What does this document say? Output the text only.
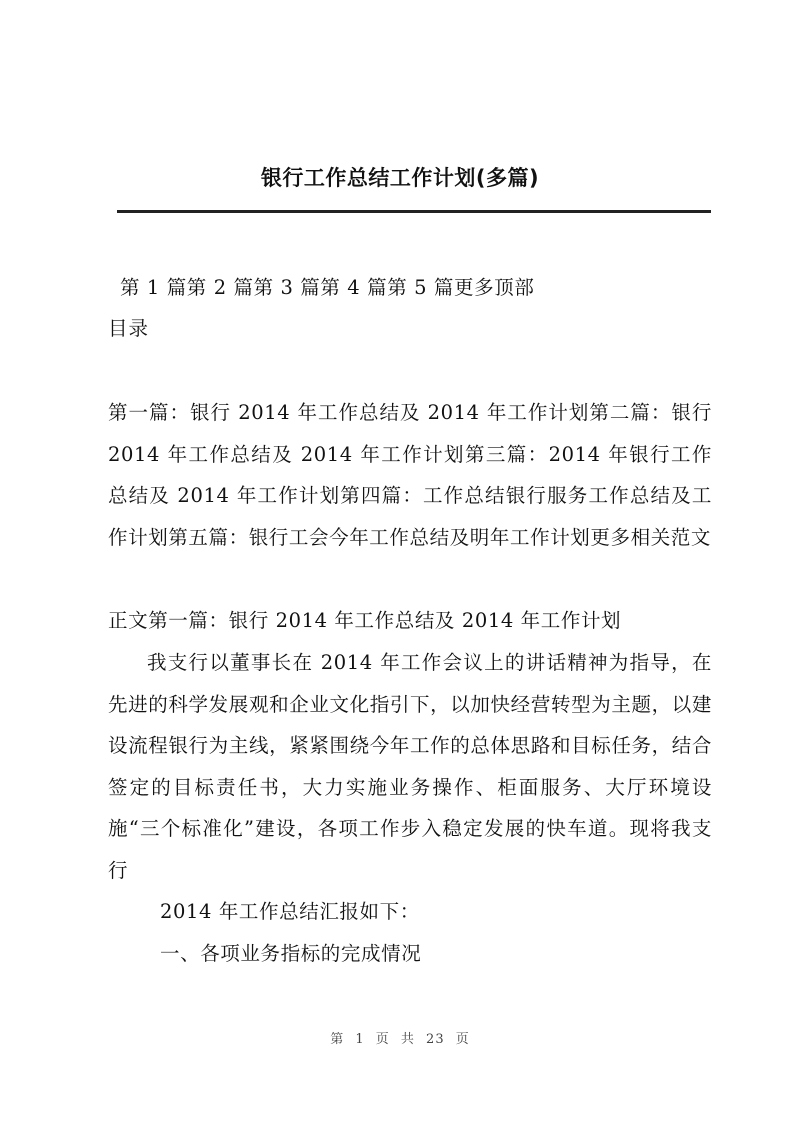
银行工作总结工作计划(多篇)
第 1 篇第 2 篇第 3 篇第 4 篇第 5 篇更多顶部
目录
第一篇：银行 2014 年工作总结及 2014 年工作计划第二篇：银行 2014 年工作总结及 2014 年工作计划第三篇：2014 年银行工作总结及 2014 年工作计划第四篇：工作总结银行服务工作总结及工作计划第五篇：银行工会今年工作总结及明年工作计划更多相关范文
正文第一篇：银行 2014 年工作总结及 2014 年工作计划
我支行以董事长在 2014 年工作会议上的讲话精神为指导，在先进的科学发展观和企业文化指引下，以加快经营转型为主题，以建设流程银行为主线，紧紧围绕今年工作的总体思路和目标任务，结合签定的目标责任书，大力实施业务操作、柜面服务、大厅环境设施“三个标准化”建设，各项工作步入稳定发展的快车道。现将我支行
2014 年工作总结汇报如下：
一、各项业务指标的完成情况
第 1 页 共 23 页
